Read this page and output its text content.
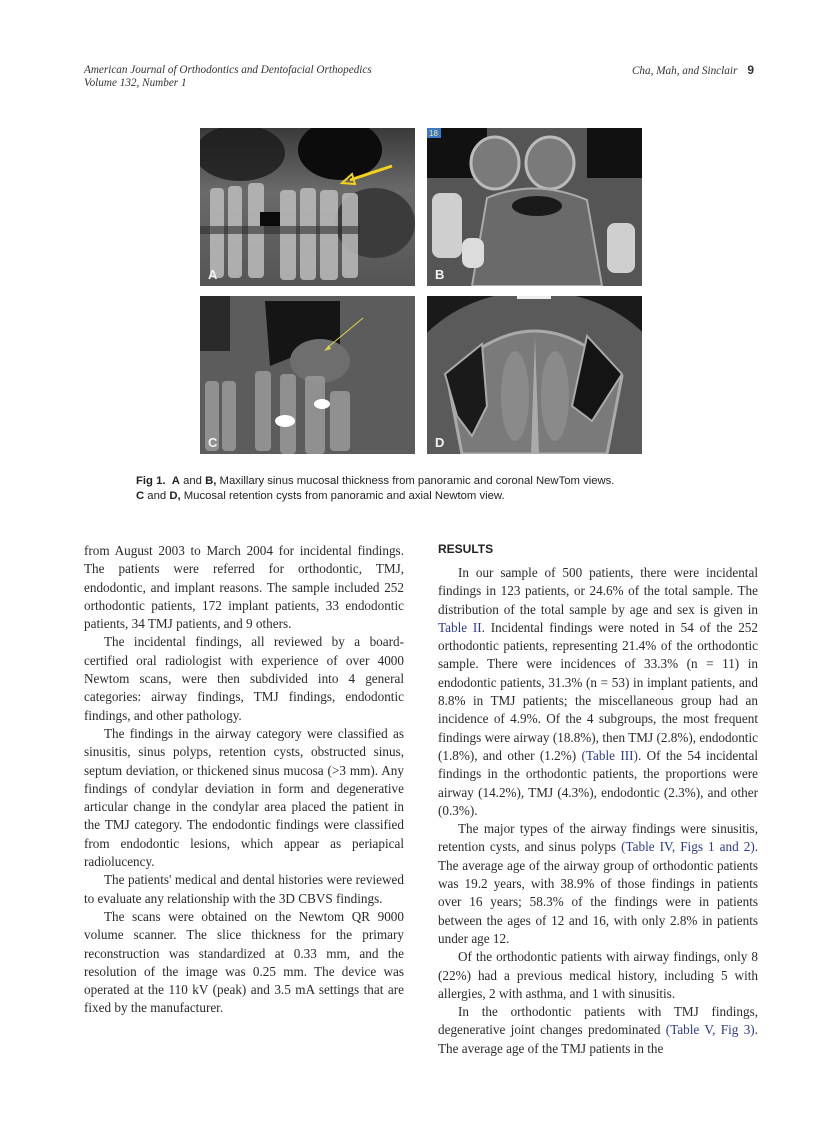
American Journal of Orthodontics and Dentofacial Orthopedics
Volume 132, Number 1
Cha, Mah, and Sinclair 9
A
18
B
C	D
Fig 1. A and B, Maxillary sinus mucosal thickness from panoramic and coronal NewTom views.
C and D, Mucosal retention cysts from panoramic and axial Newtom view.

from August 2003 to March 2004 for incidental findings. The patients were referred for orthodontic, TMJ, endodontic, and implant reasons. The sample included 252 orthodontic patients, 172 implant patients, 33 endodontic patients, 34 TMJ patients, and 9 others.

The incidental findings, all reviewed by a board-certified oral radiologist with experience of over 4000 Newtom scans, were then subdivided into 4 general categories: airway findings, TMJ findings, endodontic findings, and other pathology.

The findings in the airway category were classified as sinusitis, sinus polyps, retention cysts, obstructed sinus, septum deviation, or thickened sinus mucosa (>3 mm). Any findings of condylar deviation in form and degenerative articular change in the condylar area placed the patient in the TMJ category. The endodontic findings were classified from endodontic lesions, which appear as periapical radiolucency.

The patients' medical and dental histories were reviewed to evaluate any relationship with the 3D CBVS findings.

The scans were obtained on the Newtom QR 9000 volume scanner. The slice thickness for the primary reconstruction was standardized at 0.33 mm, and the resolution of the image was 0.25 mm. The device was operated at the 110 kV (peak) and 3.5 mA settings that are fixed by the manufacturer.

RESULTS

In our sample of 500 patients, there were incidental findings in 123 patients, or 24.6% of the total sample. The distribution of the total sample by age and sex is given in Table II. Incidental findings were noted in 54 of the 252 orthodontic patients, representing 21.4% of the orthodontic sample. There were incidences of 33.3% (n = 11) in endodontic patients, 31.3% (n = 53) in implant patients, and 8.8% in TMJ patients; the miscellaneous group had an incidence of 4.9%. Of the 4 subgroups, the most frequent findings were airway (18.8%), then TMJ (2.8%), endodontic (1.8%), and other (1.2%) (Table III). Of the 54 incidental findings in the orthodontic patients, the proportions were airway (14.2%), TMJ (4.3%), endodontic (2.3%), and other (0.3%).

The major types of the airway findings were sinusitis, retention cysts, and sinus polyps (Table IV, Figs 1 and 2). The average age of the airway group of orthodontic patients was 19.2 years, with 38.9% of those findings in patients over 16 years; 58.3% of the findings were in patients between the ages of 12 and 16, with only 2.8% in patients under age 12.

Of the orthodontic patients with airway findings, only 8 (22%) had a previous medical history, including 5 with allergies, 2 with asthma, and 1 with sinusitis.

In the orthodontic patients with TMJ findings, degenerative joint changes predominated (Table V, Fig 3). The average age of the TMJ patients in the
